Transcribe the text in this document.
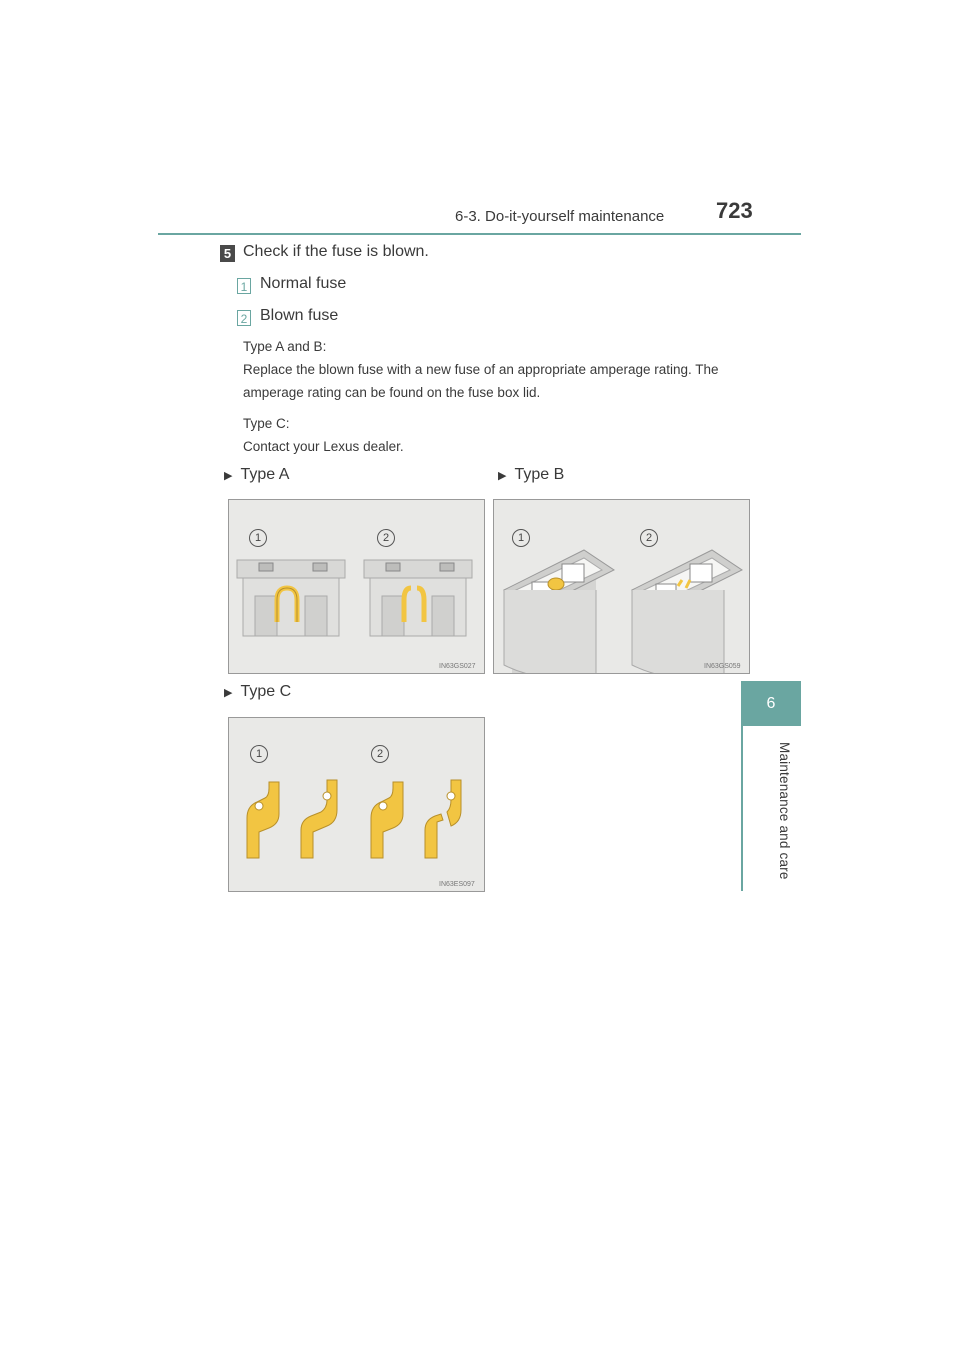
6-3. Do-it-yourself maintenance 723
6
Maintenance and care
5 Check if the fuse is blown.
1 Normal fuse
2 Blown fuse
Type A and B:
Replace the blown fuse with a new fuse of an appropriate amperage rating. The
amperage rating can be found on the fuse box lid.
Type C:
Contact your Lexus dealer.
▶ Type A	▶ Type B
▶ Type C
1	2
IN63GS027
1	2
IN63GS059
1	2
IN63ES097
